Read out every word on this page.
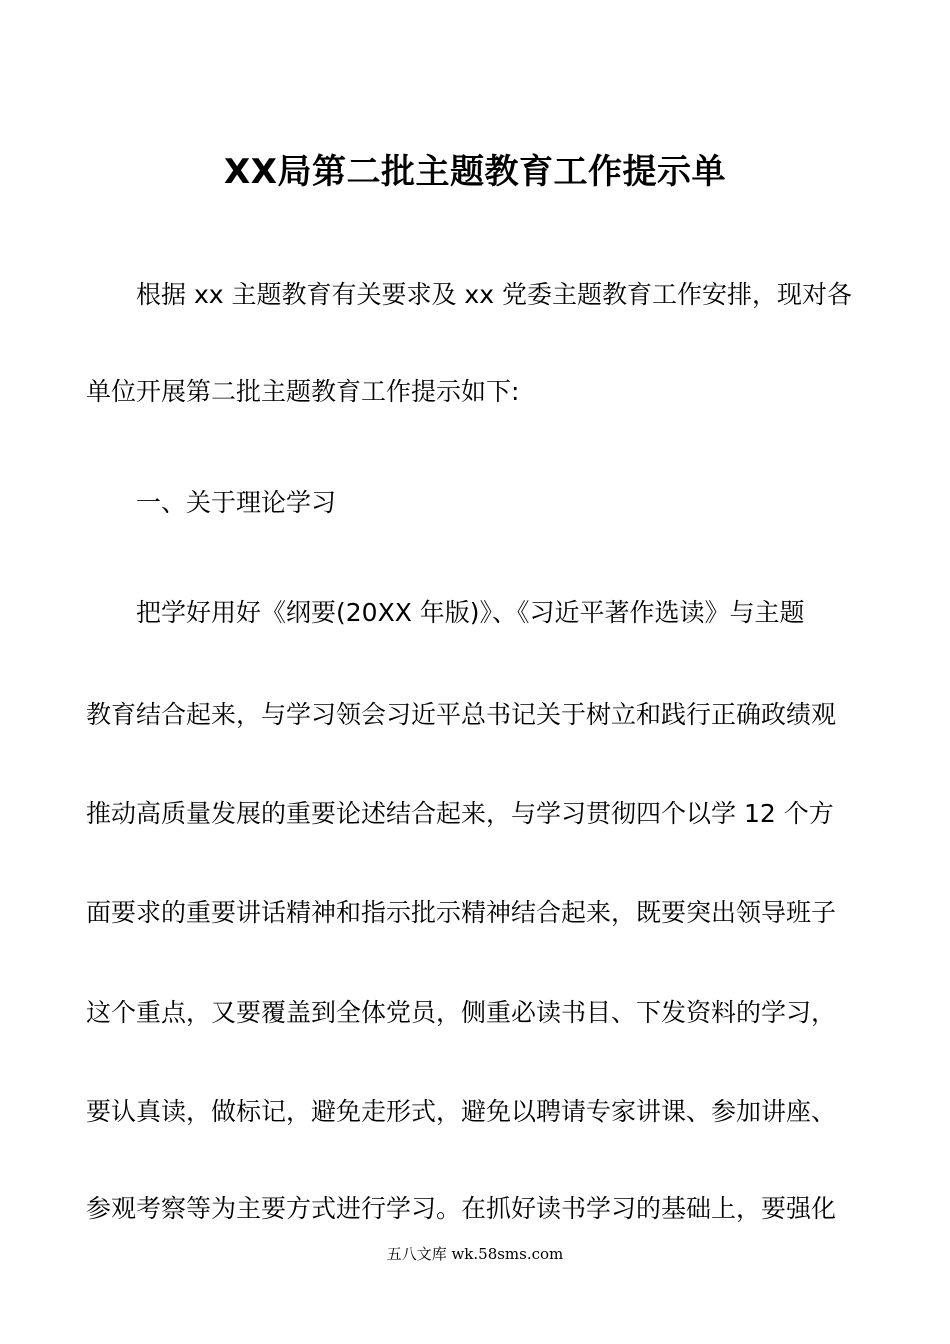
XX局第二批主题教育工作提示单

根据 xx 主题教育有关要求及 xx 党委主题教育工作安排，现对各

单位开展第二批主题教育工作提示如下:

一、关于理论学习

把学好用好《纲要(20XX 年版)》、《习近平著作选读》与主题

教育结合起来，与学习领会习近平总书记关于树立和践行正确政绩观

推动高质量发展的重要论述结合起来，与学习贯彻四个以学 12 个方

面要求的重要讲话精神和指示批示精神结合起来，既要突出领导班子

这个重点，又要覆盖到全体党员，侧重必读书目、下发资料的学习，

要认真读，做标记，避免走形式，避免以聘请专家讲课、参加讲座、

参观考察等为主要方式进行学习。在抓好读书学习的基础上，要强化

五八文库 wk.58sms.com
